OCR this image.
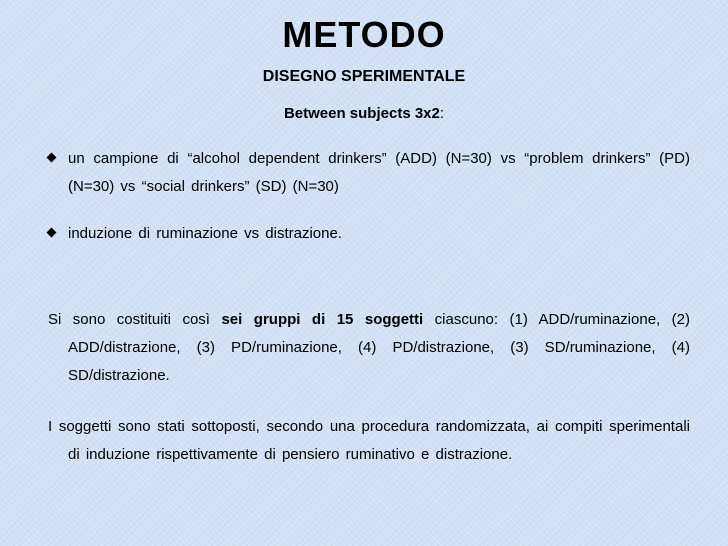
METODO
DISEGNO SPERIMENTALE
Between subjects 3x2:
un campione di “alcohol dependent drinkers” (ADD) (N=30) vs “problem drinkers” (PD) (N=30) vs “social drinkers” (SD) (N=30)
induzione di ruminazione vs distrazione.
Si sono costituiti così sei gruppi di 15 soggetti ciascuno: (1) ADD/ruminazione, (2) ADD/distrazione, (3) PD/ruminazione, (4) PD/distrazione, (3) SD/ruminazione, (4) SD/distrazione.
I soggetti sono stati sottoposti, secondo una procedura randomizzata, ai compiti sperimentali di induzione rispettivamente di pensiero ruminativo e distrazione.
